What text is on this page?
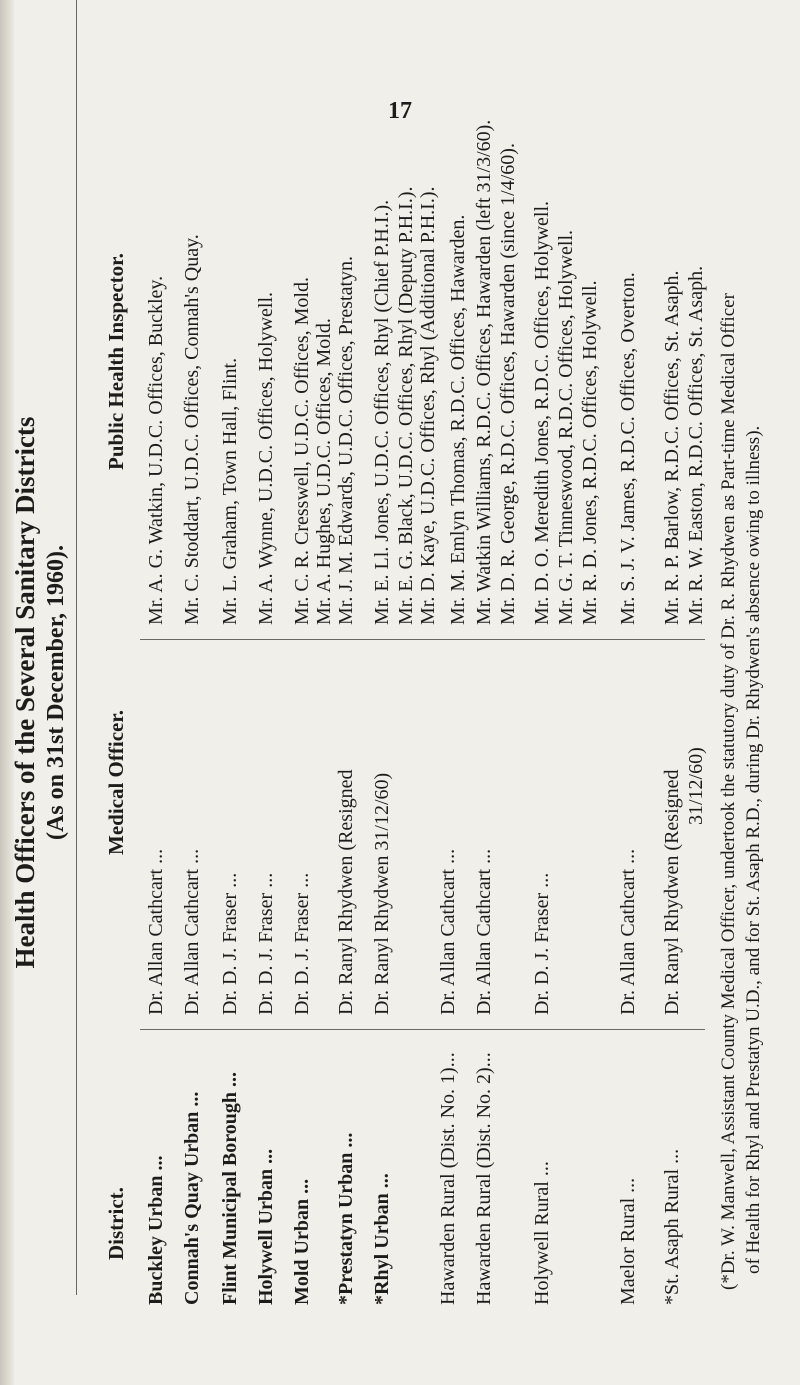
17
Health Officers of the Several Sanitary Districts (As on 31st December, 1960).
District.
Medical Officer.
Public Health Inspector.
Buckley Urban ... Connah's Quay Urban ... Flint Municipal Borough ...
Holywell Urban ...
Mold Urban ... *Prestatyn Urban ...
*Rhyl Urban ... Hawarden Rural (Dist. No. 1)... Hawarden Rural (Dist. No. 2)... Holywell Rural ...
Maelor Rural ... *St. Asaph Rural ...
Dr. Allan Cathcart ...
Dr. Allan Cathcart ...
Dr. D. J. Fraser ...
Dr. D. J. Fraser ...
Dr. D. J. Fraser ... Dr. Ranyl Rhydwen (Resigned Dr. Ranyl Rhydwen 31/12/60) Dr. Allan Cathcart ...
Dr. Allan Cathcart ...
Dr. D. J. Fraser ...	Dr. Allan Cathcart ... Dr. Ranyl Rhydwen (Resigned 31/12/60)
Mr. A. G. Watkin, U.D.C. Offices, Buckley. Mr. C. Stoddart, U.D.C. Offices, Connah's Quay. Mr. L. Graham, Town Hall, Flint. Mr. A. Wynne, U.D.C. Offices, Holywell. Mr. C. R. Cresswell, U.D.C. Offices, Mold. Mr. A. Hughes, U.D.C. Offices, Mold. Mr. J. M. Edwards, U.D.C. Offices, Prestatyn. Mr. E. Ll. Jones, U.D.C. Offices, Rhyl (Chief P.H.I.). Mr. E. G. Black, U.D.C. Offices, Rhyl (Deputy P.H.I.). Mr. D. Kaye, U.D.C. Offices, Rhyl (Additional P.H.I.). Mr. M. Emlyn Thomas, R.D.C. Offices, Hawarden. Mr. Watkin Williams, R.D.C. Offices, Hawarden (left 31/3/60). Mr. D. R. George, R.D.C. Offices, Hawarden (since 1/4/60). Mr. D. O. Meredith Jones, R.D.C. Offices, Holywell. Mr. G. T. Tinneswood, R.D.C. Offices, Holywell. Mr. R. D. Jones, R.D.C. Offices, Holywell. Mr. S. J. V. James, R.D.C. Offices, Overton. Mr. R. P. Barlow, R.D.C. Offices, St. Asaph. Mr. R. W. Easton, R.D.C. Offices, St. Asaph. (*Dr. W. Manwell, Assistant County Medical Officer, undertook the statutory duty of Dr. R. Rhydwen as Part-time Medical Officer of Health for Rhyl and Prestatyn U.D., and for St. Asaph R.D., during Dr. Rhydwen's absence owing to illness).
